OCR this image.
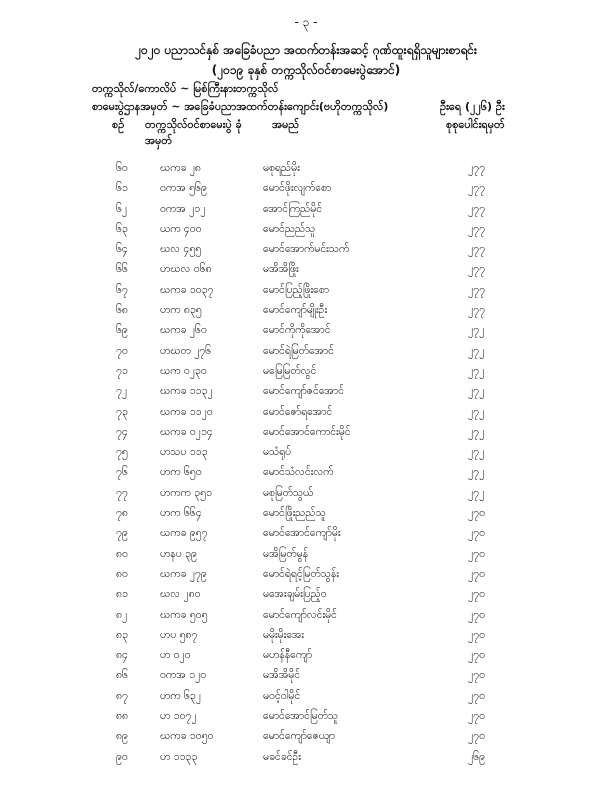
- ၃ -
၂၀၂၀ ပညာသင်နှစ် အခြေခံပညာ အထက်တန်းအဆင့် ဂုဏ်ထူးရရှိသူများစာရင်း
(၂၀၁၉ ခုနှစ် တက္ကသိုလ်ဝင်စာမေးပွဲအောင်)
တက္ကသိုလ်/ကောလိပ် ~ မြစ်ကြီးနားတက္ကသိုလ်
စာမေးပွဲဌာနအမှတ် ~ အခြေခံပညာအထက်တန်းကျောင်း(ဗဟိုတက္ကသိုလ်)	ဦးရေ (၂၂၆) ဦး
စဉ် တက္ကသိုလ်ဝင်စာမေးပွဲ ခုံအမှတ်
အမည်	စုစုပေါင်းရမှတ်
၆၀	ဃကခ ၂၈	မစုရည်မိုး	၂၇၇
၆၁	ဝကအ ၅၆၉	မောင်ဖိုးလျက်စော	၂၇၇
၆၂	ဝကအ ၂၁၂	အောင်ကြည်မိုင်	၂၇၇
၆၃	ယက ၄၀၀	မောင်ညည်သူ	၂၇၇
၆၄	ဃလ ၄၅၅	မောင်အောက်မင်းသက်	၂၇၇
၆၆	ဟဃလ ဝ၆၈	မအိအိဖြိုး	၂၇၇
၆၇	ဃကခ ၁၀၃၇	မောင်ပြည့်ဖြိုးစော	၂၇၇
၆၈	ဟက ၈၃၅	မောင်ကျော်မျိုးဦး	၂၇၇
၆၉	ဃကခ ၂၆၀	မောင်ကိုကိုအောင်	၂၇၂
၇၀	ဟဃတ ၂၇၆	မောင်ရဲမြတ်အောင်	၂၇၂
၇၁	ဃက ၀၂၃၀	မမြေမြတ်လွင်	၂၇၂
၇၂	ဃကခ ၁၁၃၂	မောင်ကျော်ဇင်အောင်	၂၇၂
၇၃	ဃကခ ၁၁၂၀	မောင်ဇော်ရအောင်	၂၇၂
၇၄	ဃကခ ၀၂၁၄	မောင်အောင်ကောင်းမိုင်	၂၇၂
၇၅	ဟသပ ၁၁၃	မသံရုပ်	၂၇၂
၇၆	ဟက ၆၅၀	မောင်သံလင်းလက်	၂၇၂
၇၇	ဟကက ၃၅၁	မစုမြတ်သွယ်	၂၇၂
၇၈	ဟက ၆၆၄	မောင်ဖြိုးညည်သူ	၂၇၀
၇၉	ဃကခ ၉၅၇	မောင်အောင်ကျော်မိုး	၂၇၀
၈၀	ဟနပ ၃၉	မအိမြတ်မွန်	၂၇၀
၈၀	ဃကခ ၂၇၉	မောင်ရဲရင့်မြတ်သွန်း	၂၇၀
၈၁	ဃလ ၂၈၀	မအေးချမ်းပြည့်ဝ	၂၇၀
၈၂	ဃကခ ၅၀၅	မောင်ကျော်လင်းမိုင်	၂၇၀
၈၃	ဟပ ၅၈၇	မမိုးမိုးအေး	၂၇၀
၈၄	ဟ ၀၂၀	မဟန်နီကျော်	၂၇၀
၈၆	ဝကအ ၁၂၀	မအိအိမိုင်	၂၇၀
၈၇	ဟက ၆၃၂	မဝင့်ဝါမိုင်	၂၇၀
၈၈	ဟ ၁၀၇၂	မောင်အောင်မြတ်သူ	၂၇၀
၈၉	ဃကခ ၁၀၅၀	မောင်ကျော်ဇေယျာ	၂၇၀
၉၀	ဟ ၁၁၃၃	မခင်ခင်ဦး	၂၆၉
